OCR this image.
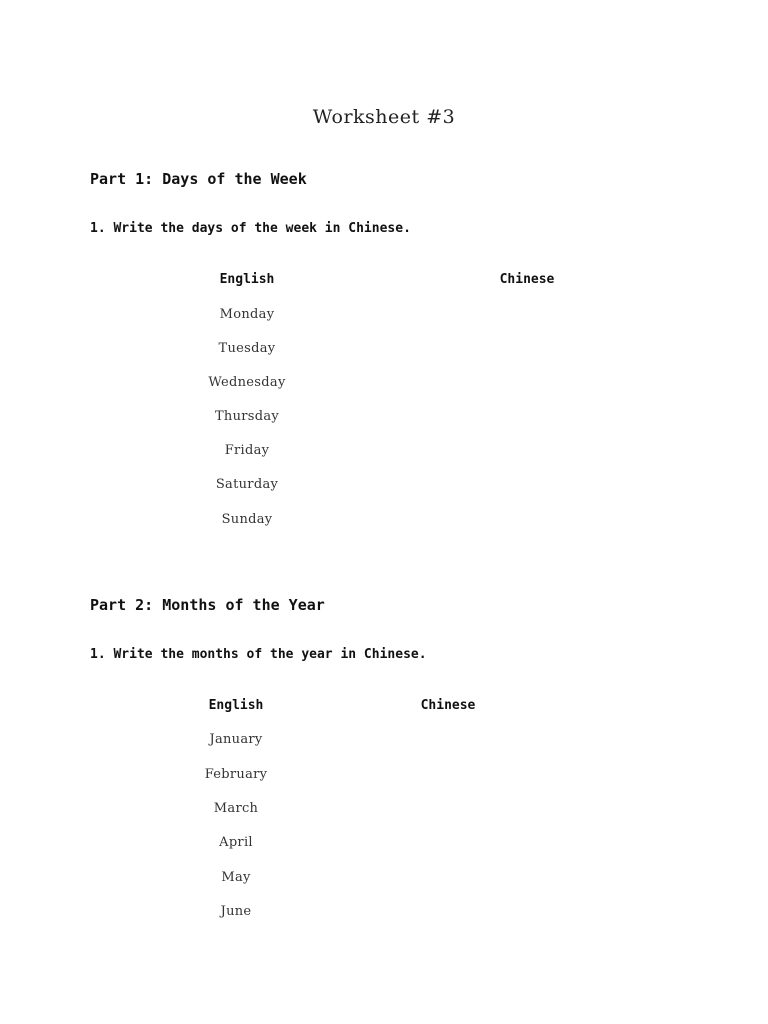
Worksheet #3
Part 1: Days of the Week
1. Write the days of the week in Chinese.
English	Chinese
Monday
Tuesday
Wednesday
Thursday
Friday
Saturday
Sunday
Part 2: Months of the Year
1. Write the months of the year in Chinese.
English	Chinese
January
February
March
April
May
June
